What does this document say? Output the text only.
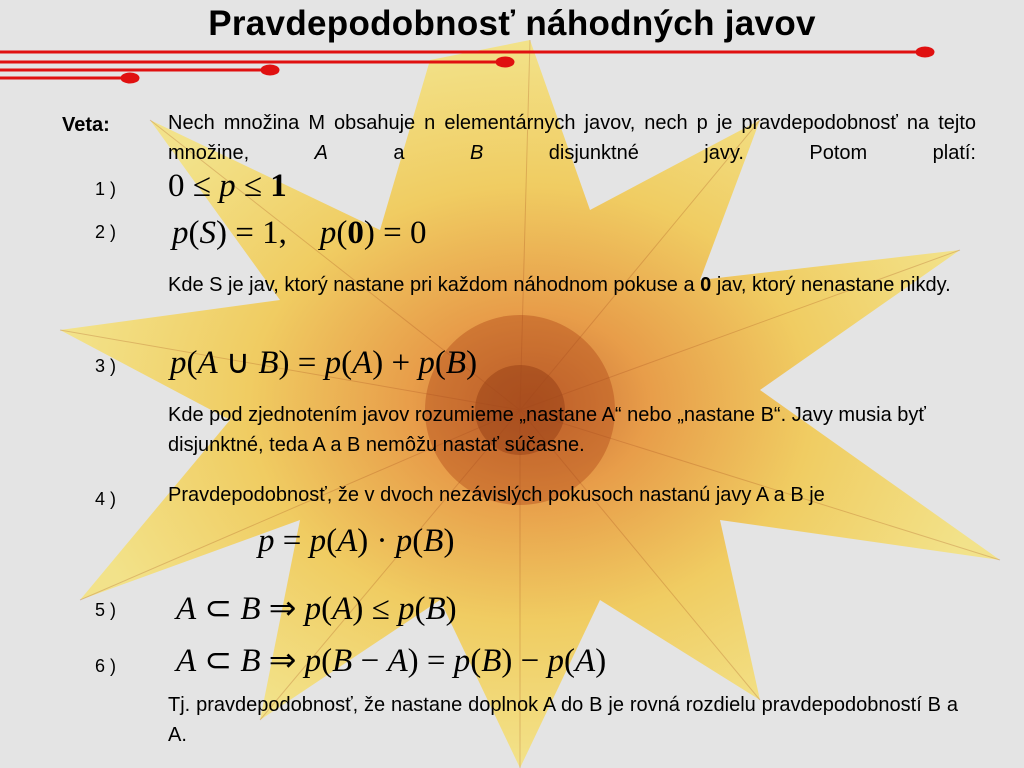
Pravdepodobnosť náhodných javov
Veta:	Nech množina M obsahuje n elementárnych javov, nech p je pravdepodobnosť na tejto množine, A a B disjunktné javy. Potom platí:
1 ) 0 ≤ p ≤ 1
2 ) p(S) = 1,    p(0) = 0
Kde S je jav, ktorý nastane pri každom náhodnom pokuse a 0 jav, ktorý nenastane nikdy.
3 ) p(A ∪ B) = p(A) + p(B)
Kde pod zjednotením javov rozumieme „nastane A“ nebo „nastane B“. Javy musia byť disjunktné, teda A a B nemôžu nastať súčasne.
4 )	Pravdepodobnosť, že v dvoch nezávislých pokusoch nastanú javy A a B je
p = p(A) · p(B)
5 ) A ⊂ B ⇒ p(A) ≤ p(B)
6 ) A ⊂ B ⇒ p(B − A) = p(B) − p(A)
Tj. pravdepodobnosť, že nastane doplnok A do B je rovná rozdielu pravdepodobností B a A.
